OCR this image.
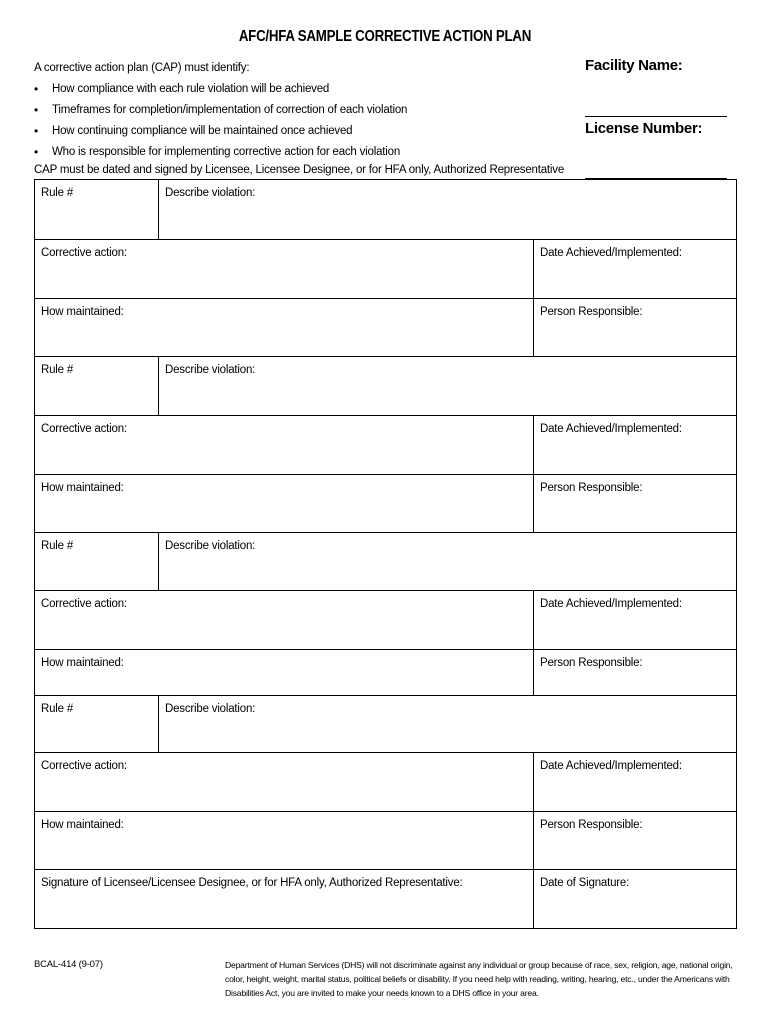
AFC/HFA SAMPLE CORRECTIVE ACTION PLAN
A corrective action plan (CAP) must identify:
• How compliance with each rule violation will be achieved
• Timeframes for completion/implementation of correction of each violation
• How continuing compliance will be maintained once achieved
• Who is responsible for implementing corrective action for each violation
CAP must be dated and signed by Licensee, Licensee Designee, or for HFA only, Authorized Representative
Facility Name:
License Number:
Rule #	Describe violation:
Corrective action:	Date Achieved/Implemented:
How maintained:	Person Responsible:
Rule #	Describe violation:
Corrective action:	Date Achieved/Implemented:
How maintained:	Person Responsible:
Rule #	Describe violation:
Corrective action:	Date Achieved/Implemented:
How maintained:	Person Responsible:
Rule #	Describe violation:
Corrective action:	Date Achieved/Implemented:
How maintained:	Person Responsible:
Signature of Licensee/Licensee Designee, or for HFA only, Authorized Representative:	Date of Signature:
BCAL-414 (9-07)	Department of Human Services (DHS) will not discriminate against any individual or group because of race, sex, religion, age, national origin, color, height, weight, marital status, political beliefs or disability. If you need help with reading, writing, hearing, etc., under the Americans with Disabilities Act, you are invited to make your needs known to a DHS office in your area.
